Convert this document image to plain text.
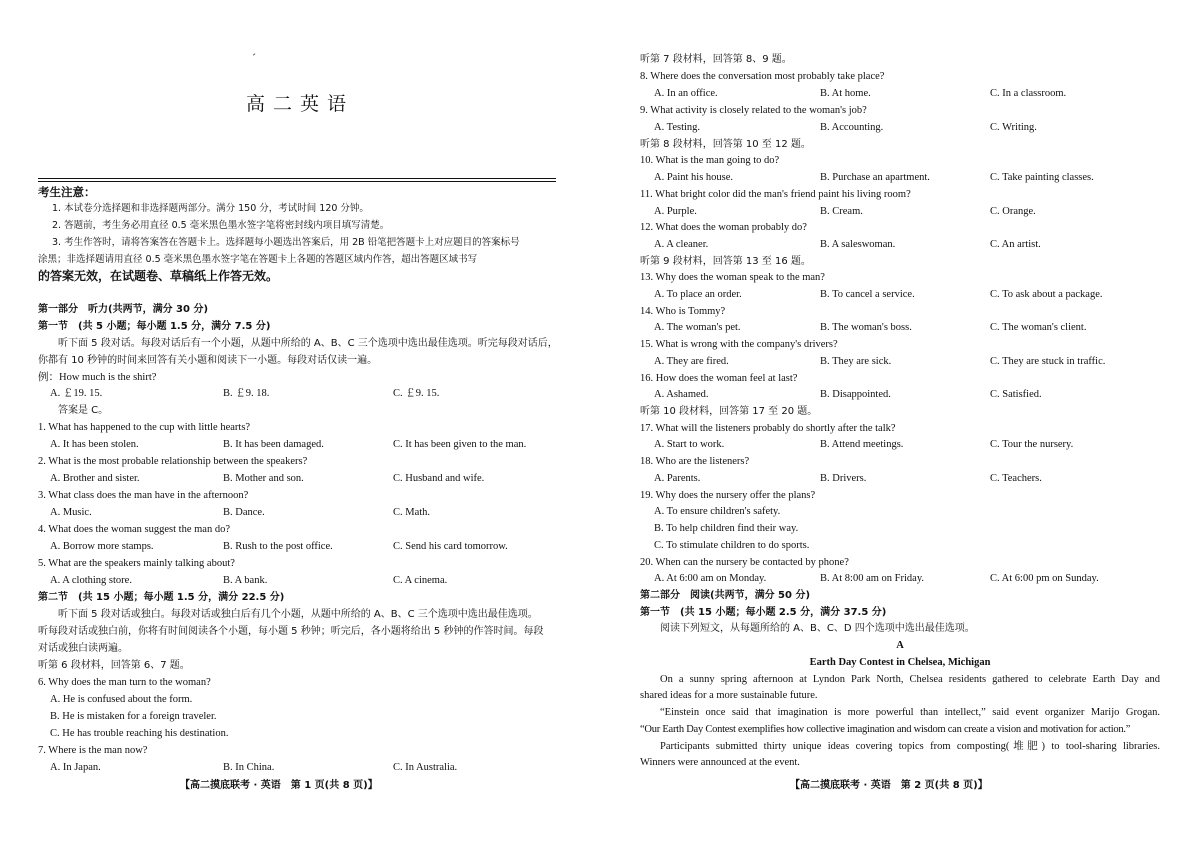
ˊ
高二英语
考生注意：
1. 本试卷分选择题和非选择题两部分。满分 150 分，考试时间 120 分钟。
2. 答题前，考生务必用直径 0.5 毫米黑色墨水签字笔将密封线内项目填写清楚。
3. 考生作答时，请将答案答在答题卡上。选择题每小题选出答案后，用 2B 铅笔把答题卡上对应题目的答案标号
涂黑；非选择题请用直径 0.5 毫米黑色墨水签字笔在答题卡上各题的答题区域内作答，超出答题区域书写
的答案无效，在试题卷、草稿纸上作答无效。
第一部分　听力(共两节，满分 30 分)
第一节　(共 5 小题；每小题 1.5 分，满分 7.5 分)
听下面 5 段对话。每段对话后有一个小题，从题中所给的 A、B、C 三个选项中选出最佳选项。听完每段对话后，
你都有 10 秒钟的时间来回答有关小题和阅读下一小题。每段对话仅读一遍。
例：How much is the shirt?
A. ￡19. 15.	B. ￡9. 18.	C. ￡9. 15.
答案是 C。
1. What has happened to the cup with little hearts?
A. It has been stolen.	B. It has been damaged.	C. It has been given to the man.
2. What is the most probable relationship between the speakers?
A. Brother and sister.	B. Mother and son.	C. Husband and wife.
3. What class does the man have in the afternoon?
A. Music.	B. Dance.	C. Math.
4. What does the woman suggest the man do?
A. Borrow more stamps.	B. Rush to the post office.	C. Send his card tomorrow.
5. What are the speakers mainly talking about?
A. A clothing store.	B. A bank.	C. A cinema.
第二节　(共 15 小题；每小题 1.5 分，满分 22.5 分)
听下面 5 段对话或独白。每段对话或独白后有几个小题，从题中所给的 A、B、C 三个选项中选出最佳选项。
听每段对话或独白前，你将有时间阅读各个小题，每小题 5 秒钟；听完后，各小题将给出 5 秒钟的作答时间。每段
对话或独白读两遍。
听第 6 段材料，回答第 6、7 题。
6. Why does the man turn to the woman?
A. He is confused about the form.
B. He is mistaken for a foreign traveler.
C. He has trouble reaching his destination.
7. Where is the man now?
A. In Japan.	B. In China.	C. In Australia.
【高二摸底联考 · 英语　第 1 页(共 8 页)】
听第 7 段材料，回答第 8、9 题。
8. Where does the conversation most probably take place?
A. In an office.	B. At home.	C. In a classroom.
9. What activity is closely related to the woman's job?
A. Testing.	B. Accounting.	C. Writing.
听第 8 段材料，回答第 10 至 12 题。
10. What is the man going to do?
A. Paint his house.	B. Purchase an apartment.	C. Take painting classes.
11. What bright color did the man's friend paint his living room?
A. Purple.	B. Cream.	C. Orange.
12. What does the woman probably do?
A. A cleaner.	B. A saleswoman.	C. An artist.
听第 9 段材料，回答第 13 至 16 题。
13. Why does the woman speak to the man?
A. To place an order.	B. To cancel a service.	C. To ask about a package.
14. Who is Tommy?
A. The woman's pet.	B. The woman's boss.	C. The woman's client.
15. What is wrong with the company's drivers?
A. They are fired.	B. They are sick.	C. They are stuck in traffic.
16. How does the woman feel at last?
A. Ashamed.	B. Disappointed.	C. Satisfied.
听第 10 段材料，回答第 17 至 20 题。
17. What will the listeners probably do shortly after the talk?
A. Start to work.	B. Attend meetings.	C. Tour the nursery.
18. Who are the listeners?
A. Parents.	B. Drivers.	C. Teachers.
19. Why does the nursery offer the plans?
A. To ensure children's safety.
B. To help children find their way.
C. To stimulate children to do sports.
20. When can the nursery be contacted by phone?
A. At 6:00 am on Monday.	B. At 8:00 am on Friday.	C. At 6:00 pm on Sunday.
第二部分　阅读(共两节，满分 50 分)
第一节　(共 15 小题；每小题 2.5 分，满分 37.5 分)
阅读下列短文，从每题所给的 A、B、C、D 四个选项中选出最佳选项。
A
Earth Day Contest in Chelsea, Michigan
On a sunny spring afternoon at Lyndon Park North, Chelsea residents gathered to celebrate Earth Day and
shared ideas for a more sustainable future.
“Einstein once said that imagination is more powerful than intellect,” said event organizer Marijo Grogan.
“Our Earth Day Contest exemplifies how collective imagination and wisdom can create a vision and motivation for action.”
Participants submitted thirty unique ideas covering topics from composting(堆肥) to tool-sharing libraries.
Winners were announced at the event.
【高二摸底联考 · 英语　第 2 页(共 8 页)】
